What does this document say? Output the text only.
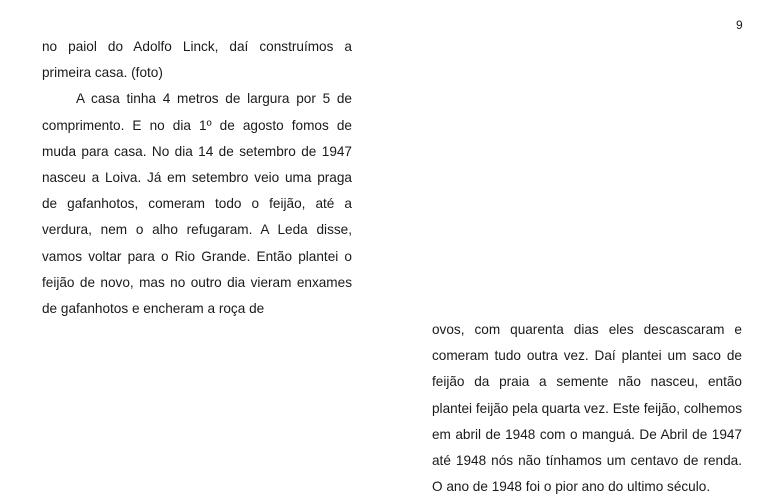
9

no paiol do Adolfo Linck, daí construímos a primeira casa. (foto)

A casa tinha 4 metros de largura por 5 de comprimento. E no dia 1º de agosto fomos de muda para casa. No dia 14 de setembro de 1947 nasceu a Loiva. Já em setembro veio uma praga de gafanhotos, comeram todo o feijão, até a verdura, nem o alho refugaram. A Leda disse, vamos voltar para o Rio Grande. Então plantei o feijão de novo, mas no outro dia vieram enxames de gafanhotos e encheram a roça de

ovos, com quarenta dias eles descascaram e comeram tudo outra vez. Daí plantei um saco de feijão da praia a semente não nasceu, então plantei feijão pela quarta vez. Este feijão, colhemos em abril de 1948 com o manguá. De Abril de 1947 até 1948 nós não tínhamos um centavo de renda. O ano de 1948 foi o pior ano do ultimo século.
